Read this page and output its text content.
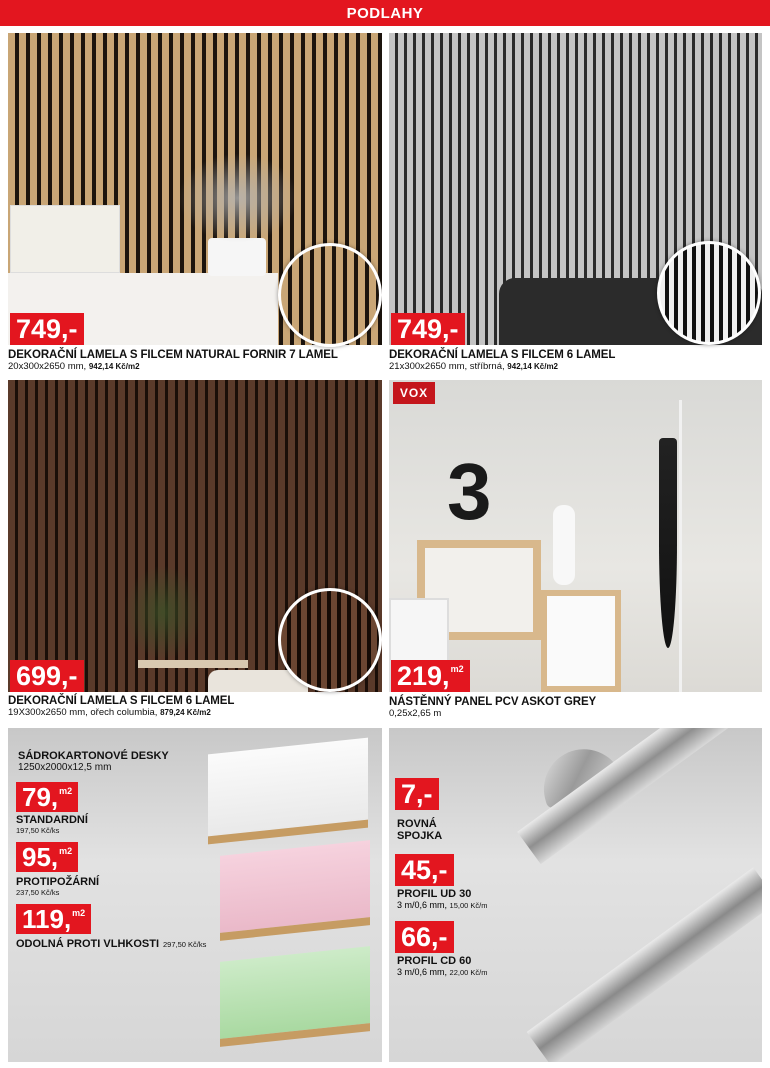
PODLAHY
749,-
DEKORAČNÍ LAMELA S FILCEM NATURAL FORNIR 7 LAMEL
20x300x2650 mm, 942,14 Kč/m2
749,-
DEKORAČNÍ LAMELA S FILCEM 6 LAMEL
21x300x2650 mm, stříbrná, 942,14 Kč/m2
699,-
DEKORAČNÍ LAMELA S FILCEM 6 LAMEL
19X300x2650 mm, ořech columbia, 879,24 Kč/m2
VOX
3
219, m2
NÁSTĚNNÝ PANEL PCV ASKOT GREY
0,25x2,65 m
SÁDROKARTONOVÉ DESKY
1250x2000x12,5 mm
79, m2
STANDARDNÍ
197,50 Kč/ks
95, m2
PROTIPOŽÁRNÍ
237,50 Kč/ks
119, m2
ODOLNÁ PROTI VLHKOSTI 297,50 Kč/ks
7,-
ROVNÁ
SPOJKA
45,-
PROFIL UD 30
3 m/0,6 mm, 15,00 Kč/m
66,-
PROFIL CD 60
3 m/0,6 mm, 22,00 Kč/m
